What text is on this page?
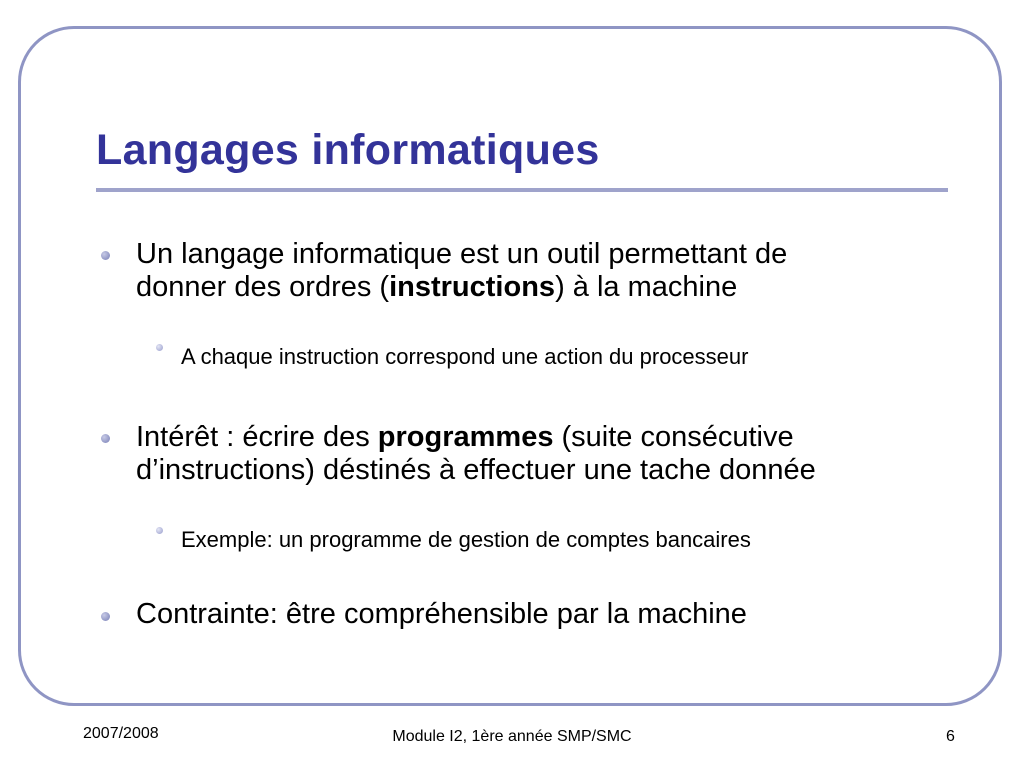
Langages informatiques

Un langage informatique est un outil permettant de

donner des ordres (instructions) à la machine

A chaque instruction correspond une action du processeur

Intérêt : écrire des programmes (suite consécutive

d’instructions) déstinés à effectuer une tache donnée

Exemple: un programme de gestion de comptes bancaires

Contrainte: être compréhensible par la machine

2007/2008	Module I2, 1ère année SMP/SMC	6
